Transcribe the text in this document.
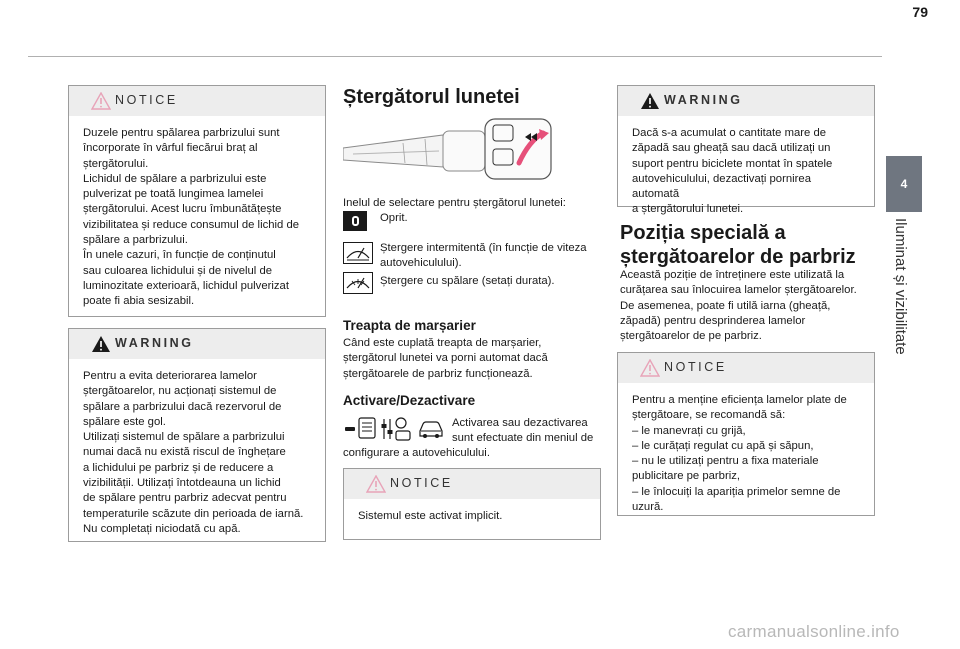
79
4
Iluminat și vizibilitate
NOTICE

Duzele pentru spălarea parbrizului sunt

încorporate în vârful fiecărui braț al

ștergătorului.

Lichidul de spălare a parbrizului este

pulverizat pe toată lungimea lamelei

ștergătorului. Acest lucru îmbunătățește

vizibilitatea și reduce consumul de lichid de

spălare a parbrizului.

În unele cazuri, în funcție de conținutul

sau culoarea lichidului și de nivelul de

luminozitate exterioară, lichidul pulverizat

poate fi abia sesizabil.

WARNING

Pentru a evita deteriorarea lamelor

ștergătoarelor, nu acționați sistemul de

spălare a parbrizului dacă rezervorul de

spălare este gol.

Utilizați sistemul de spălare a parbrizului

numai dacă nu există riscul de înghețare

a lichidului pe parbriz și de reducere a

vizibilității. Utilizați întotdeauna un lichid

de spălare pentru parbriz adecvat pentru

temperaturile scăzute din perioada de iarnă.

Nu completați niciodată cu apă.

Ștergătorul lunetei
Inelul de selectare pentru ștergătorul lunetei:
Oprit.
Ștergere intermitentă (în funcție de viteza autovehiculului).
Ștergere cu spălare (setați durata).
Treapta de marșarier
Când este cuplată treapta de marșarier,
ștergătorul lunetei va porni automat dacă
ștergătoarele de parbriz funcționează.
Activare/Dezactivare
Activarea sau dezactivarea
sunt efectuate din meniul de
configurare a autovehiculului.
NOTICE

Sistemul este activat implicit.

WARNING

Dacă s-a acumulat o cantitate mare de

zăpadă sau gheață sau dacă utilizați un

suport pentru biciclete montat în spatele

autovehiculului, dezactivați pornirea automată

a ștergătorului lunetei.

Poziția specială a
ștergătoarelor de parbriz
Această poziție de întreținere este utilizată la
curățarea sau înlocuirea lamelor ștergătoarelor.
De asemenea, poate fi utilă iarna (gheață,
zăpadă) pentru desprinderea lamelor
ștergătoarelor de pe parbriz.
NOTICE

Pentru a menține eficiența lamelor plate de

ștergătoare, se recomandă să:

– le manevrați cu grijă,

– le curățați regulat cu apă și săpun,

– nu le utilizați pentru a fixa materiale

publicitare pe parbriz,

– le înlocuiți la apariția primelor semne de

uzură.

carmanualsonline.info
